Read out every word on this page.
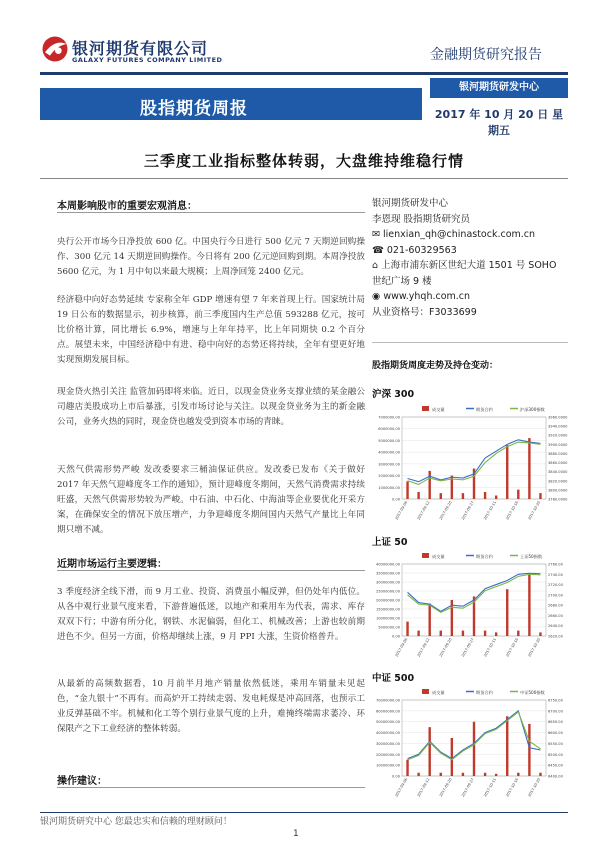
银河期货有限公司
GALAXY FUTURES COMPANY LIMITED	金融期货研究报告
股指期货周报
银河期货研发中心
2017 年 10 月 20 日 星期五
三季度工业指标整体转弱，大盘维持维稳行情
本周影响股市的重要宏观消息：
央行公开市场今日净投放 600 亿。中国央行今日进行 500 亿元 7 天期逆回购操作、300 亿元 14 天期逆回购操作。今日将有 200 亿元逆回购到期。本周净投放 5600 亿元，为 1 月中旬以来最大规模；上周净回笼 2400 亿元。
经济稳中向好态势延续 专家称全年 GDP 增速有望 7 年来首现上行。国家统计局 19 日公布的数据显示，初步核算，前三季度国内生产总值 593288 亿元，按可比价格计算，同比增长 6.9%，增速与上年年持平，比上年同期快 0.2 个百分点。展望未来，中国经济稳中有进、稳中向好的态势还将持续，全年有望更好地实现预期发展目标。
现金贷火热引关注 监管加码即将来临。近日，以现金贷业务支撑业绩的某金融公司趣店美股成功上市后暴涨，引发市场讨论与关注。以现金贷业务为主的新金融公司，业务火热的同时，现金贷也越发受到资本市场的青睐。
天然气供需形势严峻 发改委要求三桶油保证供应。发改委已发布《关于做好 2017 年天然气迎峰度冬工作的通知》，预计迎峰度冬期间，天然气消费需求持续旺盛，天然气供需形势较为严峻。中石油、中石化、中海油等企业要优化开采方案，在确保安全的情况下放压增产，力争迎峰度冬期间国内天然气产量比上年同期只增不减。
近期市场运行主要逻辑：
3 季度经济全线下滑，而 9 月工业、投资、消费虽小幅反弹，但仍处年内低位。从各中观行业景气度来看，下游普遍低迷，以地产和乘用车为代表，需求、库存双双下行；中游有所分化，钢铁、水泥偏弱，但化工、机械改善；上游也较前期进色不少。但另一方面，价格却继续上涨，9 月 PPI 大涨，生资价格普升。
从最新的高频数据看，10 月前半月地产销量依然低迷，乘用车销量未见起色，“金九银十”不再有。而高炉开工持续走弱、发电耗煤是冲高回落，也预示工业反弹基础不牢。机械和化工等个别行业景气度的上升，难掩终端需求萎冷、环保限产之下工业经济的整体转弱。
操作建议：
银河期货研发中心
李恩现 股指期货研究员
✉ lienxian_qh@chinastock.com.cn
☎ 021-60329563
⌂ 上海市浦东新区世纪大道 1501 号 SOHO
世纪广场 9 楼
◉ www.yhqh.com.cn
从业资格号：F3033699
股指期货周度走势及持仓变动：
沪深 300
成交量	期货合约	沪深300指数
0.00
1000000.00
2000000.00
3000000.00
4000000.00
5000000.00
6000000.00
7000000.00
3780.0000
3800.0000
3820.0000
3840.0000
3860.0000
3880.0000
3900.0000
3920.0000
3940.0000
3960.0000
2017-09-06 2017-09-12 2017-09-20 2017-09-27 2017-10-11 2017-10-16 2017-10-20
上证 50
成交量	期货合约	上证50指数
0.00
5000000.00
10000000.00
15000000.00
20000000.00
25000000.00
30000000.00
35000000.00
40000000.00
2620.00
2640.00
2660.00
2680.00
2700.00
2720.00
2740.00
2760.00
2017-09-06 2017-09-12 2017-09-20 2017-09-27 2017-10-11 2017-10-16 2017-10-20
中证 500
成交量	期货合约	中证500指数
0.00
10000000.00
20000000.00
30000000.00
40000000.00
50000000.00
60000000.00
70000000.00
6400.00
6450.00
6500.00
6550.00
6600.00
6650.00
6700.00
6750.00
2017-09-06 2017-09-12 2017-09-20 2017-09-27 2017-10-11 2017-10-16 2017-10-20
银河期货研究中心 您最忠实和信赖的理财顾问！
1
